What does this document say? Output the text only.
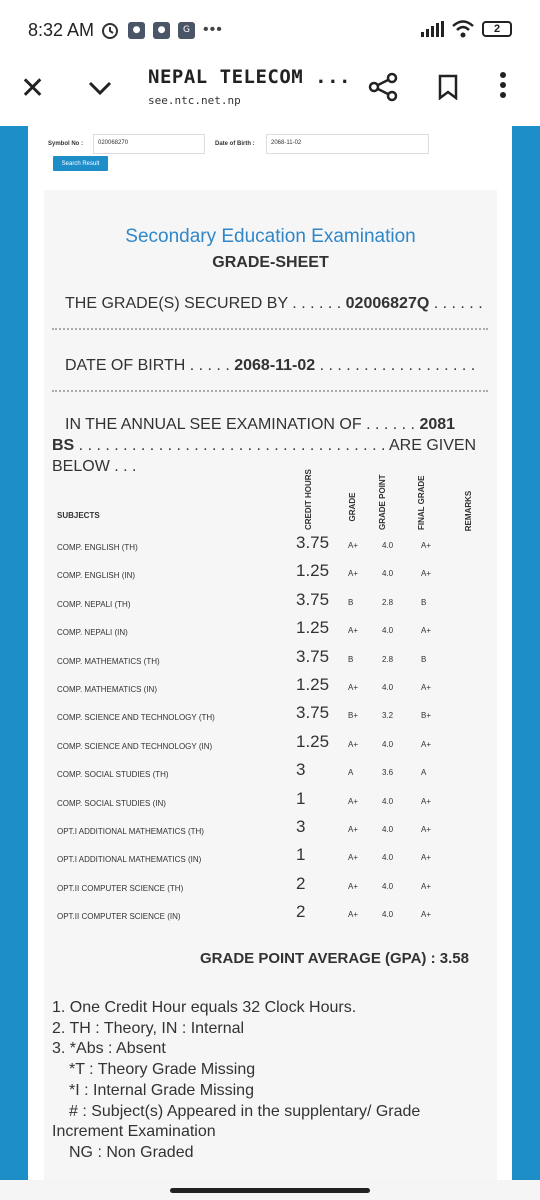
8:32 AM	●	●	G •••	2
✕	NEPAL TELECOM ...
see.ntc.net.np
Symbol No :	020068270	Date of Birth :	2068-11-02
Search Result
Secondary Education Examination
GRADE-SHEET
THE GRADE(S) SECURED BY . . . . . . 02006827Q . . . . . .
DATE OF BIRTH . . . . . 2068-11-02 . . . . . . . . . . . . . . . . . .
IN THE ANNUAL SEE EXAMINATION OF . . . . . . 2081
BS . . . . . . . . . . . . . . . . . . . . . . . . . . . . . . . . . . . ARE GIVEN
BELOW . . .
SUBJECTS	CREDIT HOURS	GRADE	GRADE POINT	FINAL GRADE	REMARKS
COMP. ENGLISH (TH)	3.75 A+	4.0	A+
COMP. ENGLISH (IN)	1.25 A+	4.0	A+
COMP. NEPALI (TH)	3.75 B	2.8	B
COMP. NEPALI (IN)	1.25 A+	4.0	A+
COMP. MATHEMATICS (TH)	3.75 B	2.8	B
COMP. MATHEMATICS (IN)	1.25 A+	4.0	A+
COMP. SCIENCE AND TECHNOLOGY (TH)	3.75 B+	3.2	B+
COMP. SCIENCE AND TECHNOLOGY (IN)	1.25 A+	4.0	A+
COMP. SOCIAL STUDIES (TH)	3	A	3.6	A
COMP. SOCIAL STUDIES (IN)	1	A+	4.0	A+
OPT.I ADDITIONAL MATHEMATICS (TH)	3	A+	4.0	A+
OPT.I ADDITIONAL MATHEMATICS (IN)	1	A+	4.0	A+
OPT.II COMPUTER SCIENCE (TH)	2	A+	4.0	A+
OPT.II COMPUTER SCIENCE (IN)	2	A+	4.0	A+
GRADE POINT AVERAGE (GPA) : 3.58
1. One Credit Hour equals 32 Clock Hours.
2. TH : Theory, IN : Internal
3. *Abs : Absent
*T : Theory Grade Missing
*I : Internal Grade Missing
# : Subject(s) Appeared in the supplentary/ Grade
Increment Examination
NG : Non Graded
